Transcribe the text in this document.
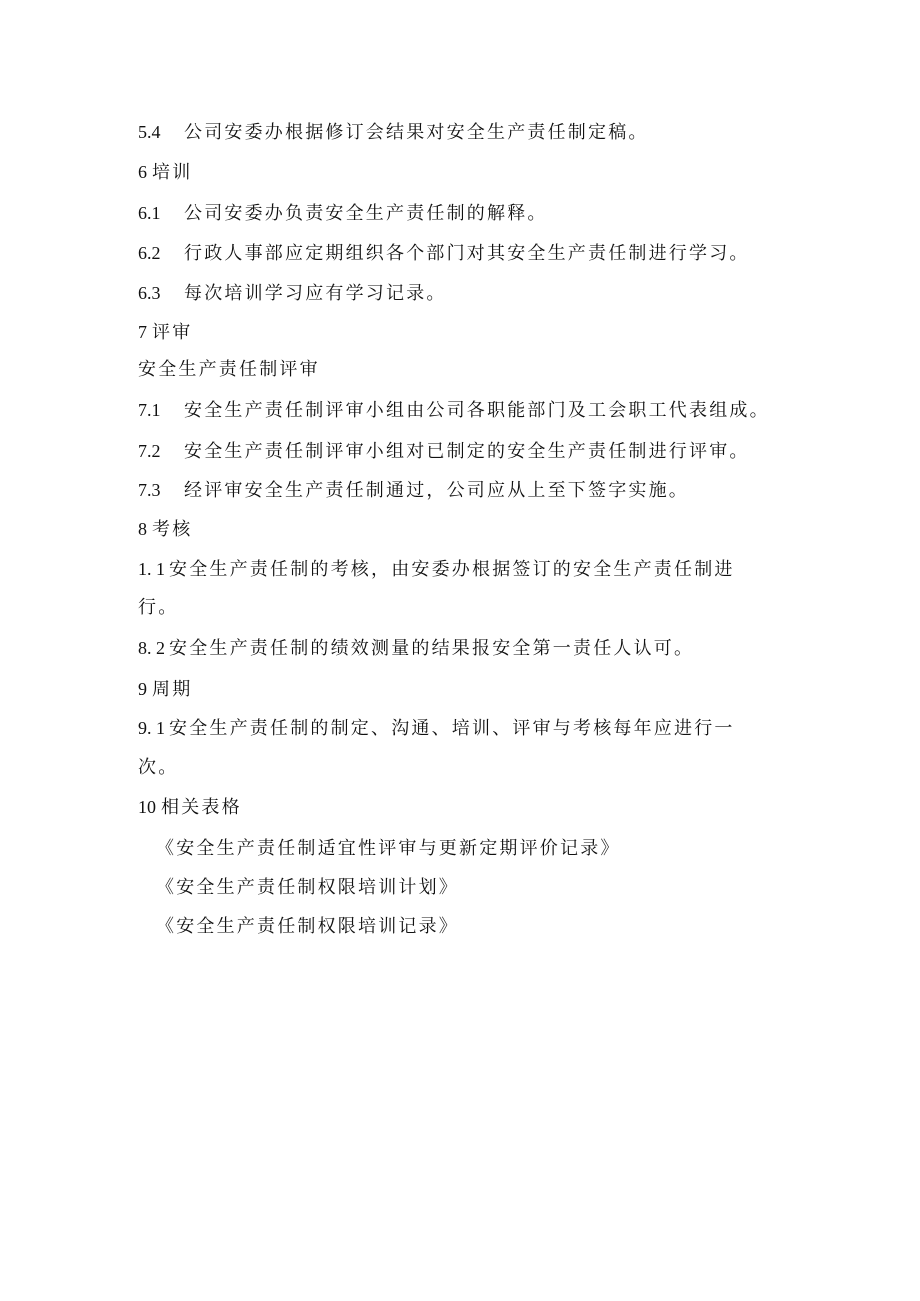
5.4 公司安委办根据修订会结果对安全生产责任制定稿。
6 培训
6.1 公司安委办负责安全生产责任制的解释。
6.2 行政人事部应定期组织各个部门对其安全生产责任制进行学习。
6.3 每次培训学习应有学习记录。
7 评审
安全生产责任制评审
7.1 安全生产责任制评审小组由公司各职能部门及工会职工代表组成。
7.2 安全生产责任制评审小组对已制定的安全生产责任制进行评审。
7.3 经评审安全生产责任制通过，公司应从上至下签字实施。
8 考核
1. 1 安全生产责任制的考核，由安委办根据签订的安全生产责任制进
行。
8. 2 安全生产责任制的绩效测量的结果报安全第一责任人认可。
9 周期
9. 1 安全生产责任制的制定、沟通、培训、评审与考核每年应进行一
次。
10 相关表格
《安全生产责任制适宜性评审与更新定期评价记录》
《安全生产责任制权限培训计划》
《安全生产责任制权限培训记录》
